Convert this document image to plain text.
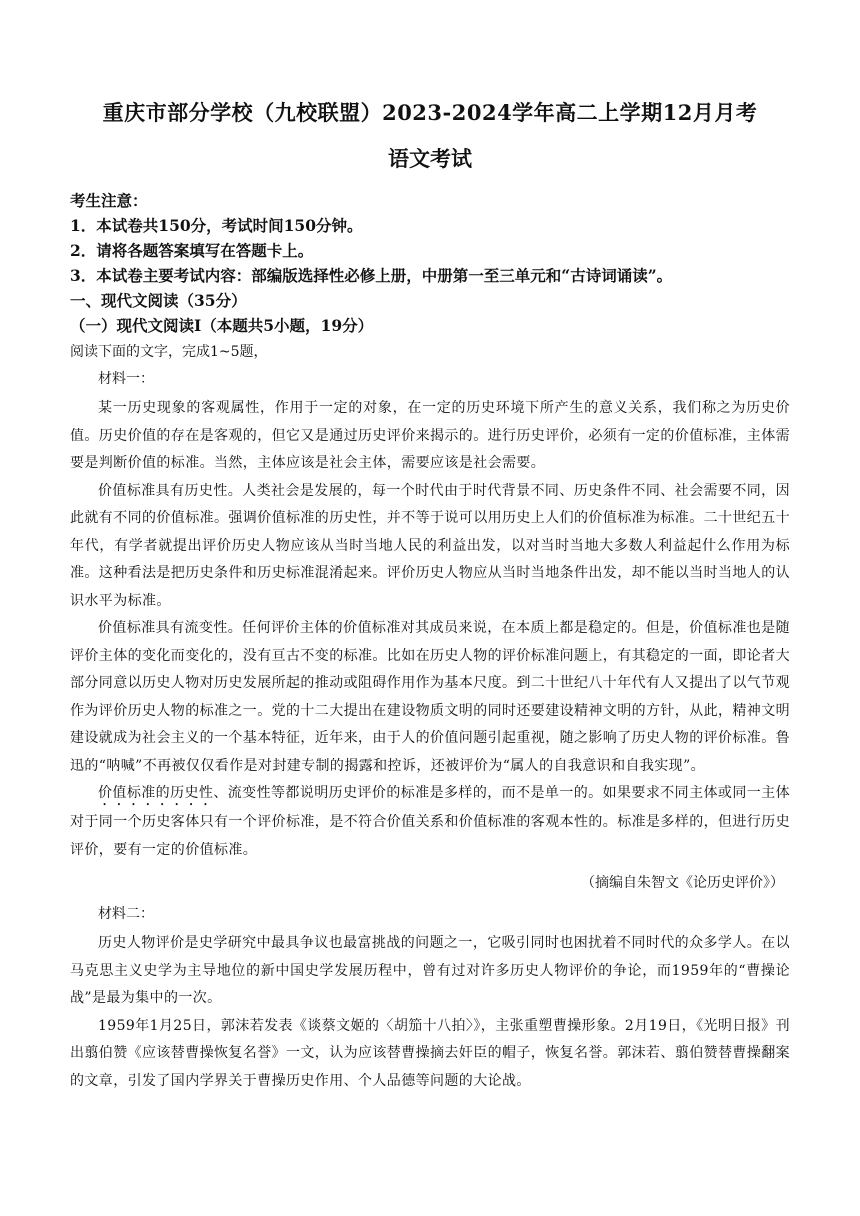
重庆市部分学校（九校联盟）2023-2024学年高二上学期12月月考
语文考试

考生注意：

1．本试卷共150分，考试时间150分钟。

2．请将各题答案填写在答题卡上。

3．本试卷主要考试内容：部编版选择性必修上册，中册第一至三单元和“古诗词诵读”。

一、现代文阅读（35分）

（一）现代文阅读Ⅰ（本题共5小题，19分）

阅读下面的文字，完成1~5题，

材料一：

某一历史现象的客观属性，作用于一定的对象，在一定的历史环境下所产生的意义关系，我们称之为历史价值。历史价值的存在是客观的，但它又是通过历史评价来揭示的。进行历史评价，必须有一定的价值标准，主体需要是判断价值的标准。当然，主体应该是社会主体，需要应该是社会需要。

价值标准具有历史性。人类社会是发展的，每一个时代由于时代背景不同、历史条件不同、社会需要不同，因此就有不同的价值标准。强调价值标准的历史性，并不等于说可以用历史上人们的价值标准为标准。二十世纪五十年代，有学者就提出评价历史人物应该从当时当地人民的利益出发，以对当时当地大多数人利益起什么作用为标准。这种看法是把历史条件和历史标准混淆起来。评价历史人物应从当时当地条件出发，却不能以当时当地人的认识水平为标准。

价值标准具有流变性。任何评价主体的价值标准对其成员来说，在本质上都是稳定的。但是，价值标准也是随评价主体的变化而变化的，没有亘古不变的标准。比如在历史人物的评价标准问题上，有其稳定的一面，即论者大部分同意以历史人物对历史发展所起的推动或阻碍作用作为基本尺度。到二十世纪八十年代有人又提出了以气节观作为评价历史人物的标准之一。党的十二大提出在建设物质文明的同时还要建设精神文明的方针，从此，精神文明建设就成为社会主义的一个基本特征，近年来，由于人的价值问题引起重视，随之影响了历史人物的评价标准。鲁迅的“呐喊”不再被仅仅看作是对封建专制的揭露和控诉，还被评价为“属人的自我意识和自我实现”。

价值标准的历史性、流变性等都说明历史评价的标准是多样的，而不是单一的。如果要求不同主体或同一主体对于同一个历史客体只有一个评价标准，是不符合价值关系和价值标准的客观本性的。标准是多样的，但进行历史评价，要有一定的价值标准。

（摘编自朱智文《论历史评价》）

材料二：

历史人物评价是史学研究中最具争议也最富挑战的问题之一，它吸引同时也困扰着不同时代的众多学人。在以马克思主义史学为主导地位的新中国史学发展历程中，曾有过对许多历史人物评价的争论，而1959年的“曹操论战”是最为集中的一次。

1959年1月25日，郭沫若发表《谈蔡文姬的〈胡笳十八拍〉》，主张重塑曹操形象。2月19日，《光明日报》刊出翦伯赞《应该替曹操恢复名誉》一文，认为应该替曹操摘去奸臣的帽子，恢复名誉。郭沫若、翦伯赞替曹操翻案的文章，引发了国内学界关于曹操历史作用、个人品德等问题的大论战。
